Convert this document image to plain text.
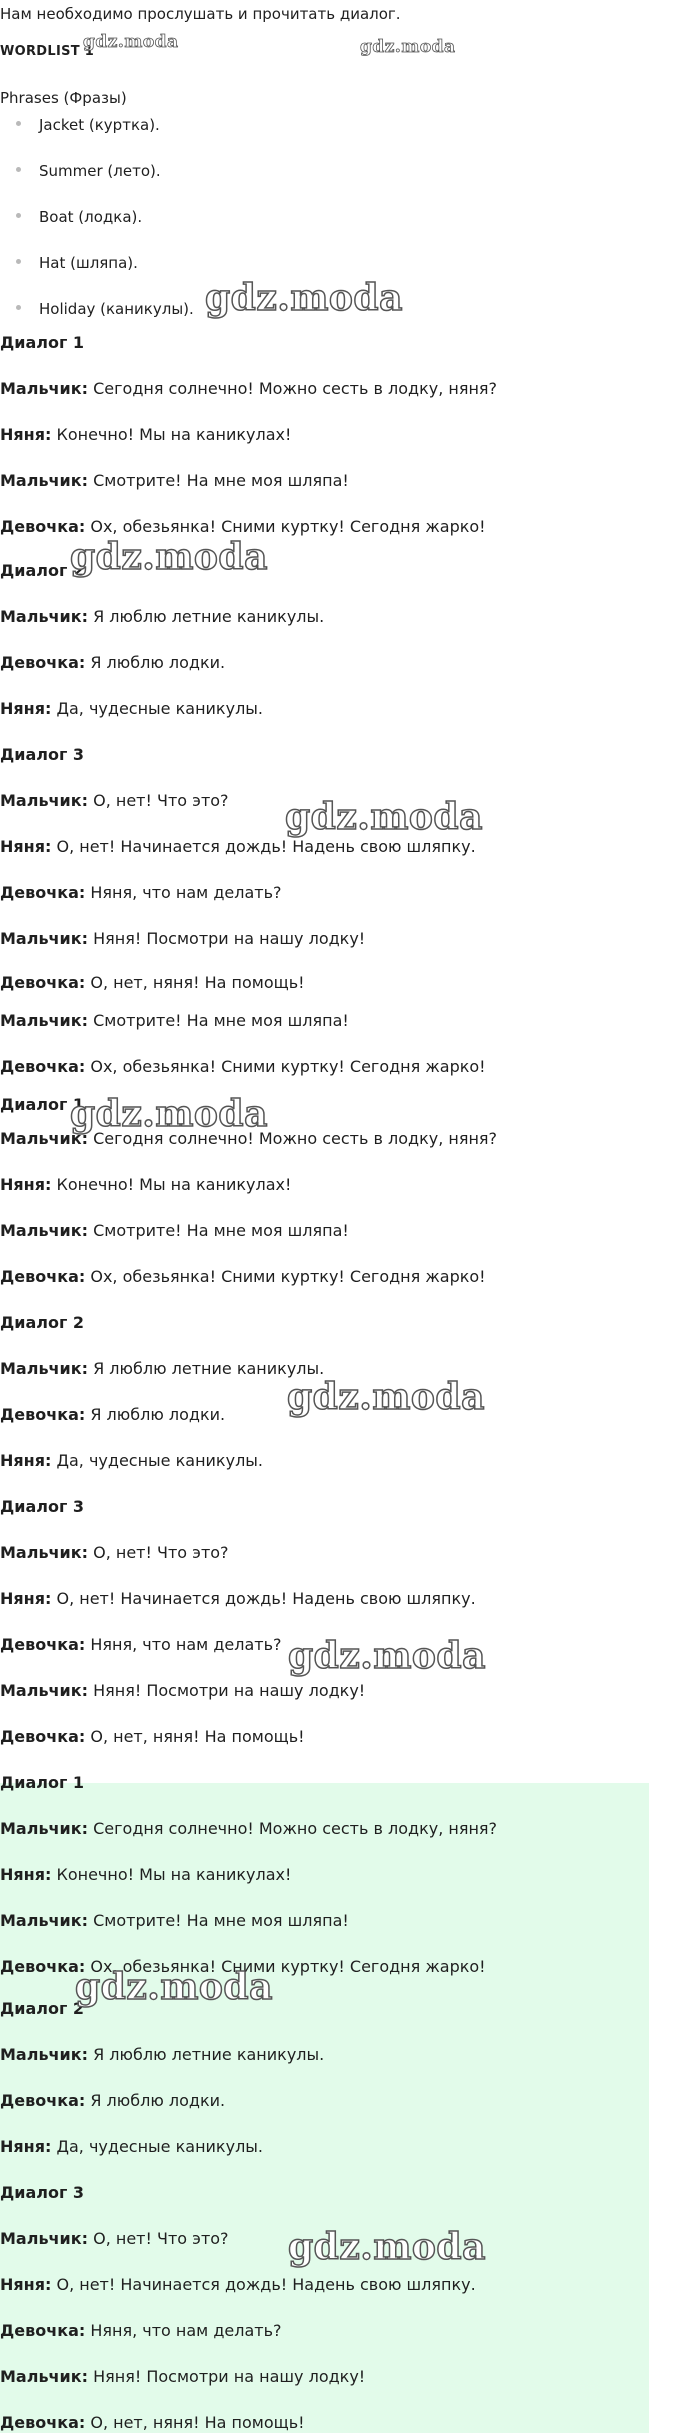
Нам необходимо прослушать и прочитать диалог.
WORDLIST 1
Phrases (Фразы)
Jacket (куртка).
Summer (лето).
Boat (лодка).
Hat (шляпа).
Holiday (каникулы).
Диалог 1
Мальчик: Сегодня солнечно! Можно сесть в лодку, няня?
Няня: Конечно! Мы на каникулах!
Мальчик: Смотрите! На мне моя шляпа!
Девочка: Ох, обезьянка! Сними куртку! Сегодня жарко!
Диалог 2
Мальчик: Я люблю летние каникулы.
Девочка: Я люблю лодки.
Няня: Да, чудесные каникулы.
Диалог 3
Мальчик: О, нет! Что это?
Няня: О, нет! Начинается дождь! Надень свою шляпку.
Девочка: Няня, что нам делать?
Мальчик: Няня! Посмотри на нашу лодку!
Девочка: О, нет, няня! На помощь!
Мальчик: Смотрите! На мне моя шляпа!
Девочка: Ох, обезьянка! Сними куртку! Сегодня жарко!
Диалог 1
Мальчик: Сегодня солнечно! Можно сесть в лодку, няня?
Няня: Конечно! Мы на каникулах!
Мальчик: Смотрите! На мне моя шляпа!
Девочка: Ох, обезьянка! Сними куртку! Сегодня жарко!
Диалог 2
Мальчик: Я люблю летние каникулы.
Девочка: Я люблю лодки.
Няня: Да, чудесные каникулы.
Диалог 3
Мальчик: О, нет! Что это?
Няня: О, нет! Начинается дождь! Надень свою шляпку.
Девочка: Няня, что нам делать?
Мальчик: Няня! Посмотри на нашу лодку!
Девочка: О, нет, няня! На помощь!
Диалог 1
Мальчик: Сегодня солнечно! Можно сесть в лодку, няня?
Няня: Конечно! Мы на каникулах!
Мальчик: Смотрите! На мне моя шляпа!
Девочка: Ох, обезьянка! Сними куртку! Сегодня жарко!
Диалог 2
Мальчик: Я люблю летние каникулы.
Девочка: Я люблю лодки.
Няня: Да, чудесные каникулы.
Диалог 3
Мальчик: О, нет! Что это?
Няня: О, нет! Начинается дождь! Надень свою шляпку.
Девочка: Няня, что нам делать?
Мальчик: Няня! Посмотри на нашу лодку!
Девочка: О, нет, няня! На помощь!
gdz.moda	gdz.moda
gdz.moda
gdz.moda
gdz.moda
gdz.moda
gdz.moda
gdz.moda
gdz.moda
gdz.moda
